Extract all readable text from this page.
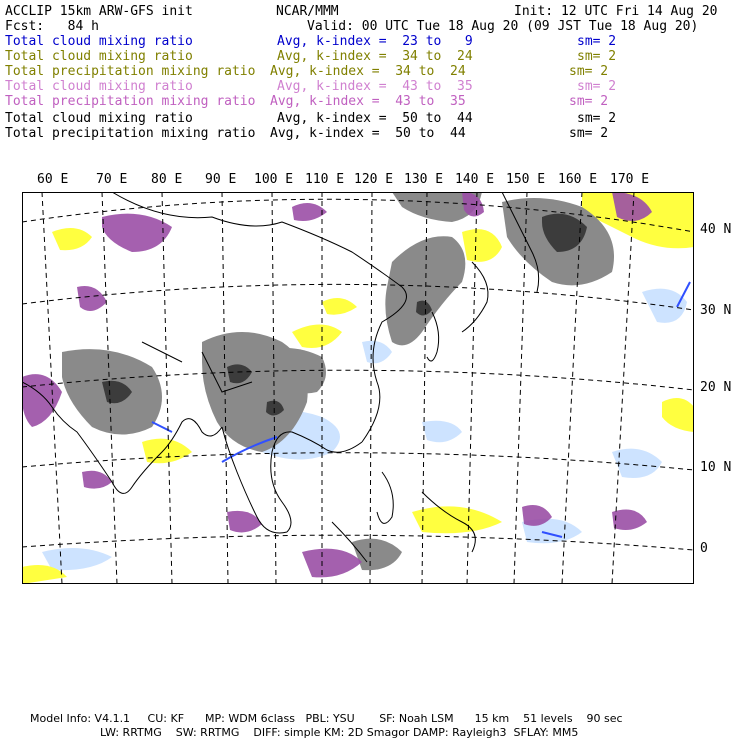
ACCLIP 15km ARW-GFS init	NCAR/MMM	Init: 12 UTC Fri 14 Aug 20
Fcst:   84 h	Valid: 00 UTC Tue 18 Aug 20 (09 JST Tue 18 Aug 20)
Total cloud mixing ratio	Avg, k-index =  23 to   9	sm= 2
Total cloud mixing ratio	Avg, k-index =  34 to  24	sm= 2
Total precipitation mixing ratio Avg, k-index =  34 to  24	sm= 2
Total cloud mixing ratio	Avg, k-index =  43 to  35	sm= 2
Total precipitation mixing ratio Avg, k-index =  43 to  35	sm= 2
Total cloud mixing ratio	Avg, k-index =  50 to  44	sm= 2
Total precipitation mixing ratio Avg, k-index =  50 to  44	sm= 2
60 E 70 E 80 E 90 E 100 E 110 E 120 E 130 E 140 E 150 E 160 E 170 E
40 N
30 N
20 N
10 N
0
Model Info: V4.1.1     CU: KF      MP: WDM 6class   PBL: YSU       SF: Noah LSM      15 km    51 levels    90 sec
LW: RRTMG    SW: RRTMG    DIFF: simple KM: 2D Smagor DAMP: Rayleigh3  SFLAY: MM5
